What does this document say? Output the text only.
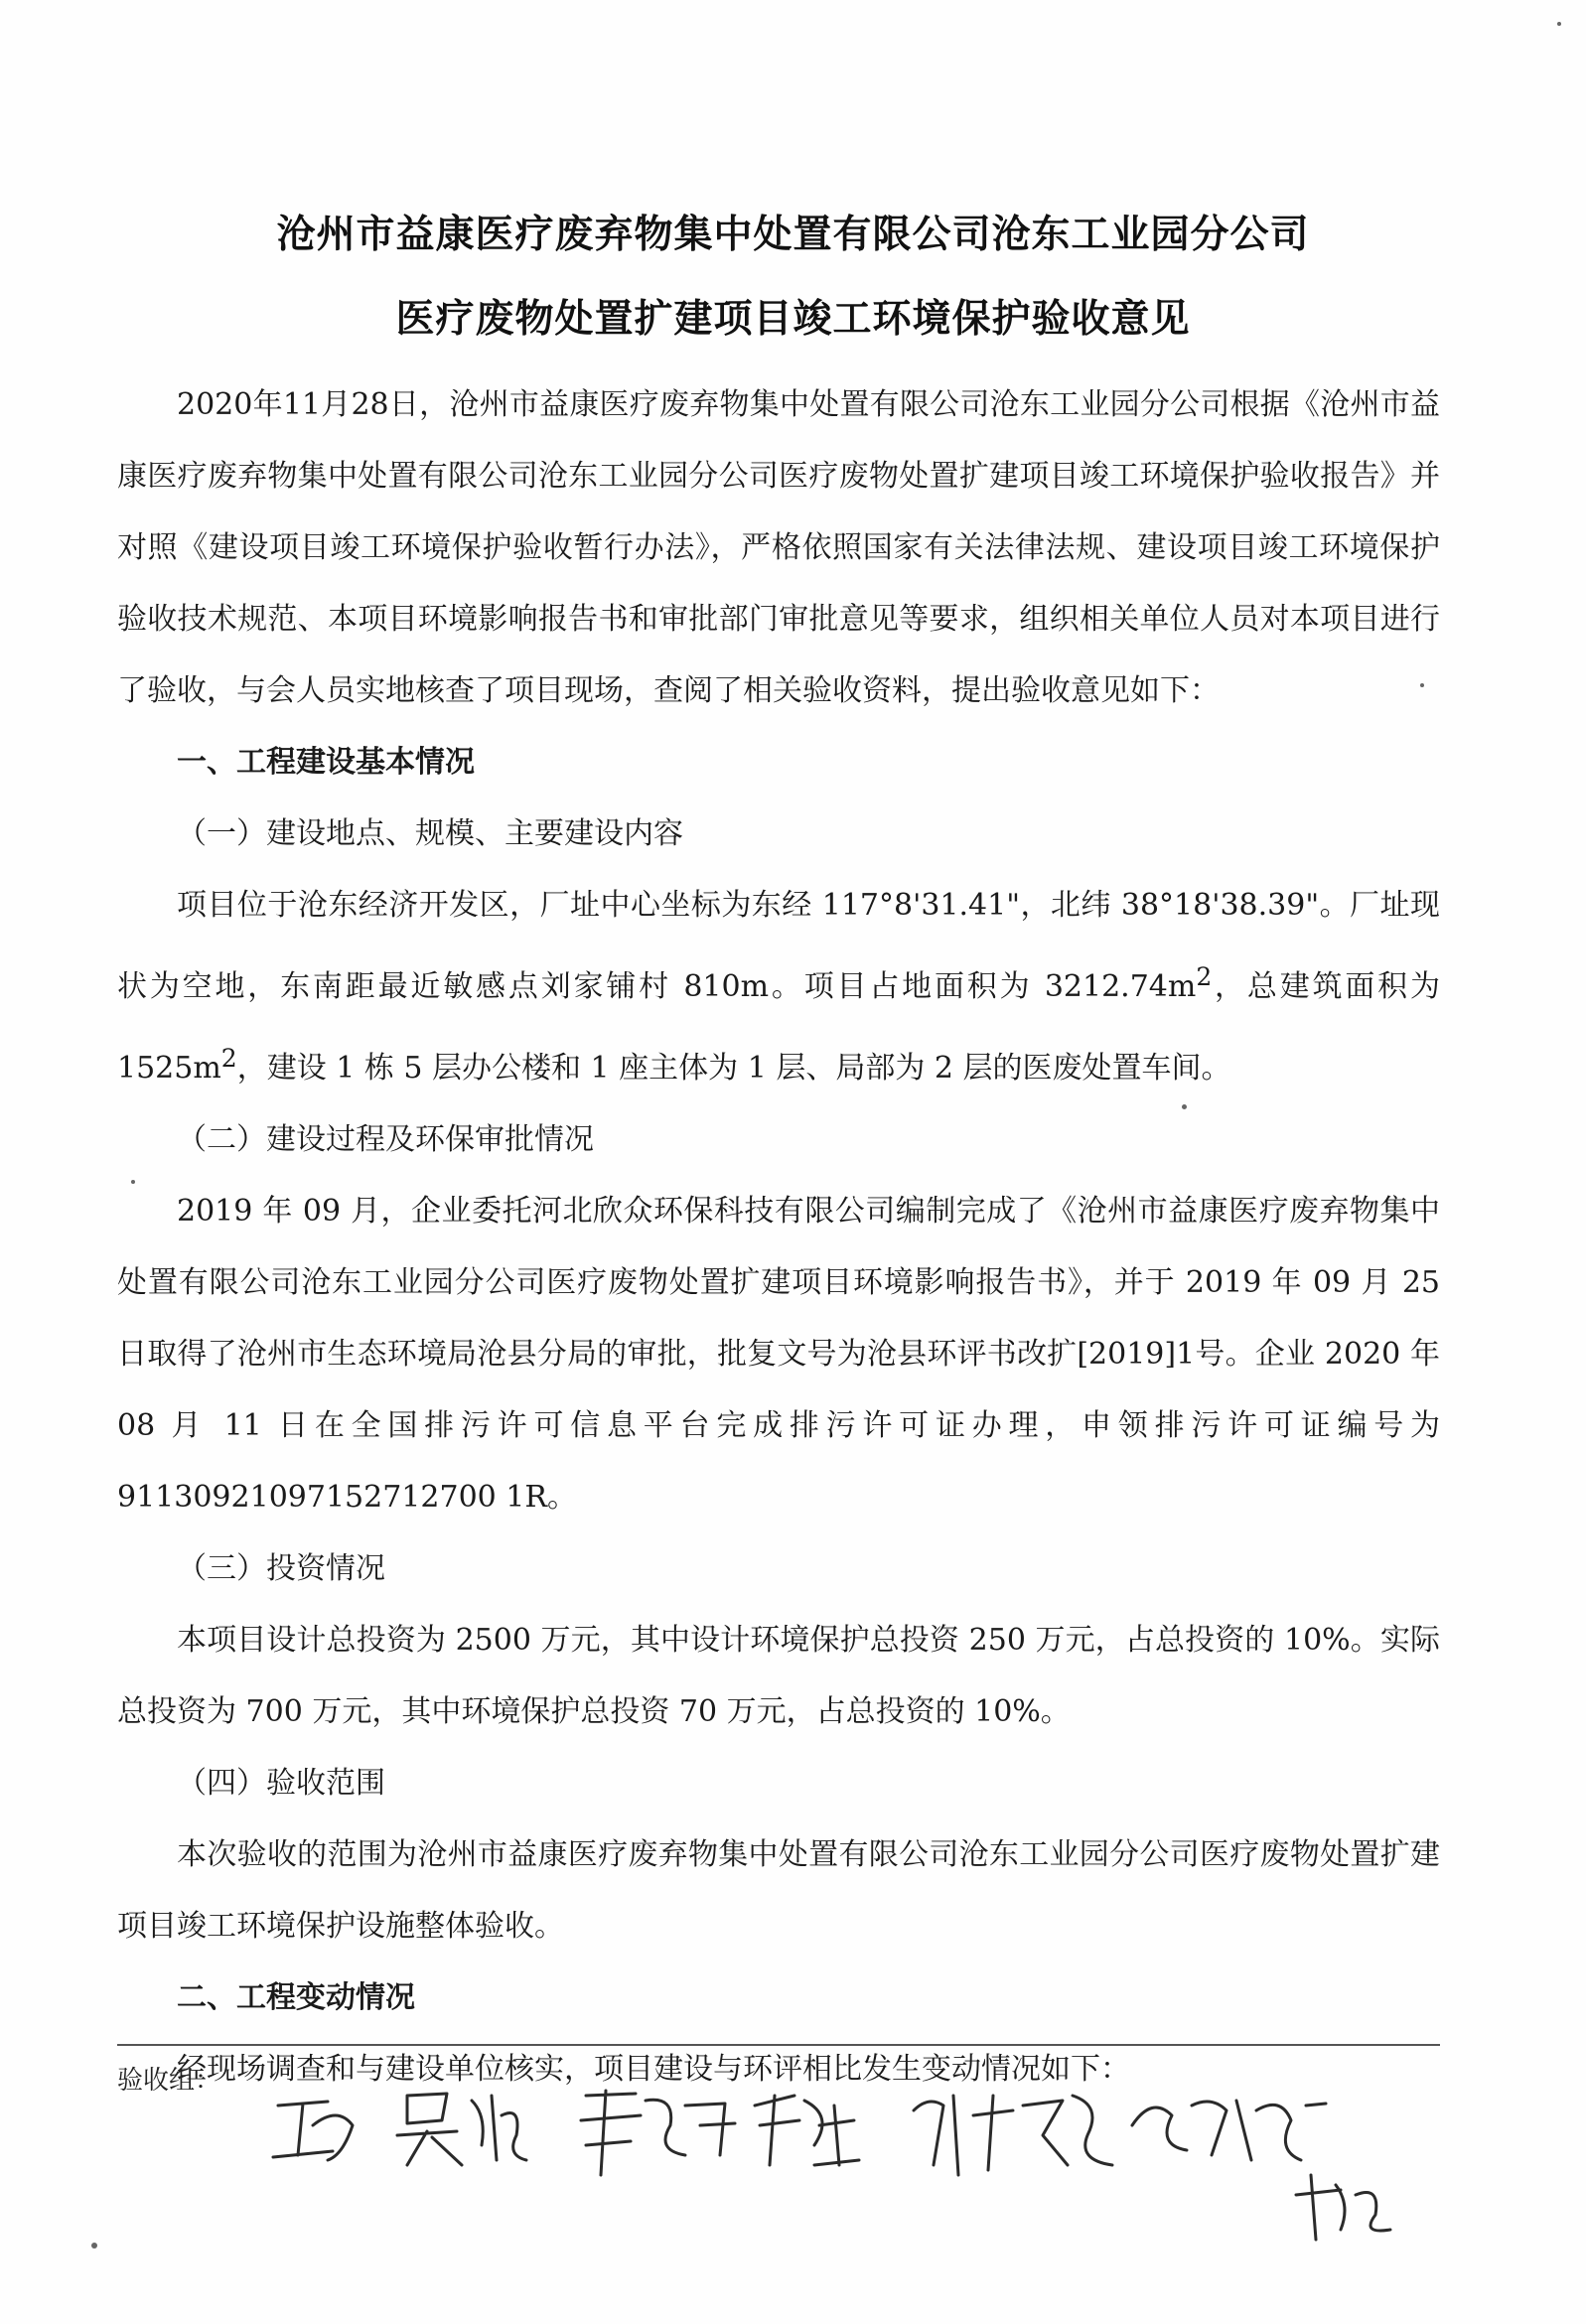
沧州市益康医疗废弃物集中处置有限公司沧东工业园分公司
医疗废物处置扩建项目竣工环境保护验收意见

2020年11月28日，沧州市益康医疗废弃物集中处置有限公司沧东工业园分公司根据《沧州市益康医疗废弃物集中处置有限公司沧东工业园分公司医疗废物处置扩建项目竣工环境保护验收报告》并对照《建设项目竣工环境保护验收暂行办法》，严格依照国家有关法律法规、建设项目竣工环境保护验收技术规范、本项目环境影响报告书和审批部门审批意见等要求，组织相关单位人员对本项目进行了验收，与会人员实地核查了项目现场，查阅了相关验收资料，提出验收意见如下：

一、工程建设基本情况

（一）建设地点、规模、主要建设内容

项目位于沧东经济开发区，厂址中心坐标为东经 117°8'31.41"，北纬 38°18'38.39"。厂址现状为空地，东南距最近敏感点刘家铺村 810m。项目占地面积为 $3212.74m^2$，总建筑面积为 $1525m^2$，建设 1 栋 5 层办公楼和 1 座主体为 1 层、局部为 2 层的医废处置车间。

（二）建设过程及环保审批情况

2019 年 09 月，企业委托河北欣众环保科技有限公司编制完成了《沧州市益康医疗废弃物集中处置有限公司沧东工业园分公司医疗废物处置扩建项目环境影响报告书》，并于 2019 年 09 月 25 日取得了沧州市生态环境局沧县分局的审批，批复文号为沧县环评书改扩[2019]1号。企业 2020 年 08 月 11 日在全国排污许可信息平台完成排污许可证办理，申领排污许可证编号为 91130921097152712700 1R。

（三）投资情况

本项目设计总投资为 2500 万元，其中设计环境保护总投资 250 万元，占总投资的 10%。实际总投资为 700 万元，其中环境保护总投资 70 万元，占总投资的 10%。

（四）验收范围

本次验收的范围为沧州市益康医疗废弃物集中处置有限公司沧东工业园分公司医疗废物处置扩建项目竣工环境保护设施整体验收。

二、工程变动情况

经现场调查和与建设单位核实，项目建设与环评相比发生变动情况如下：

验收组：
